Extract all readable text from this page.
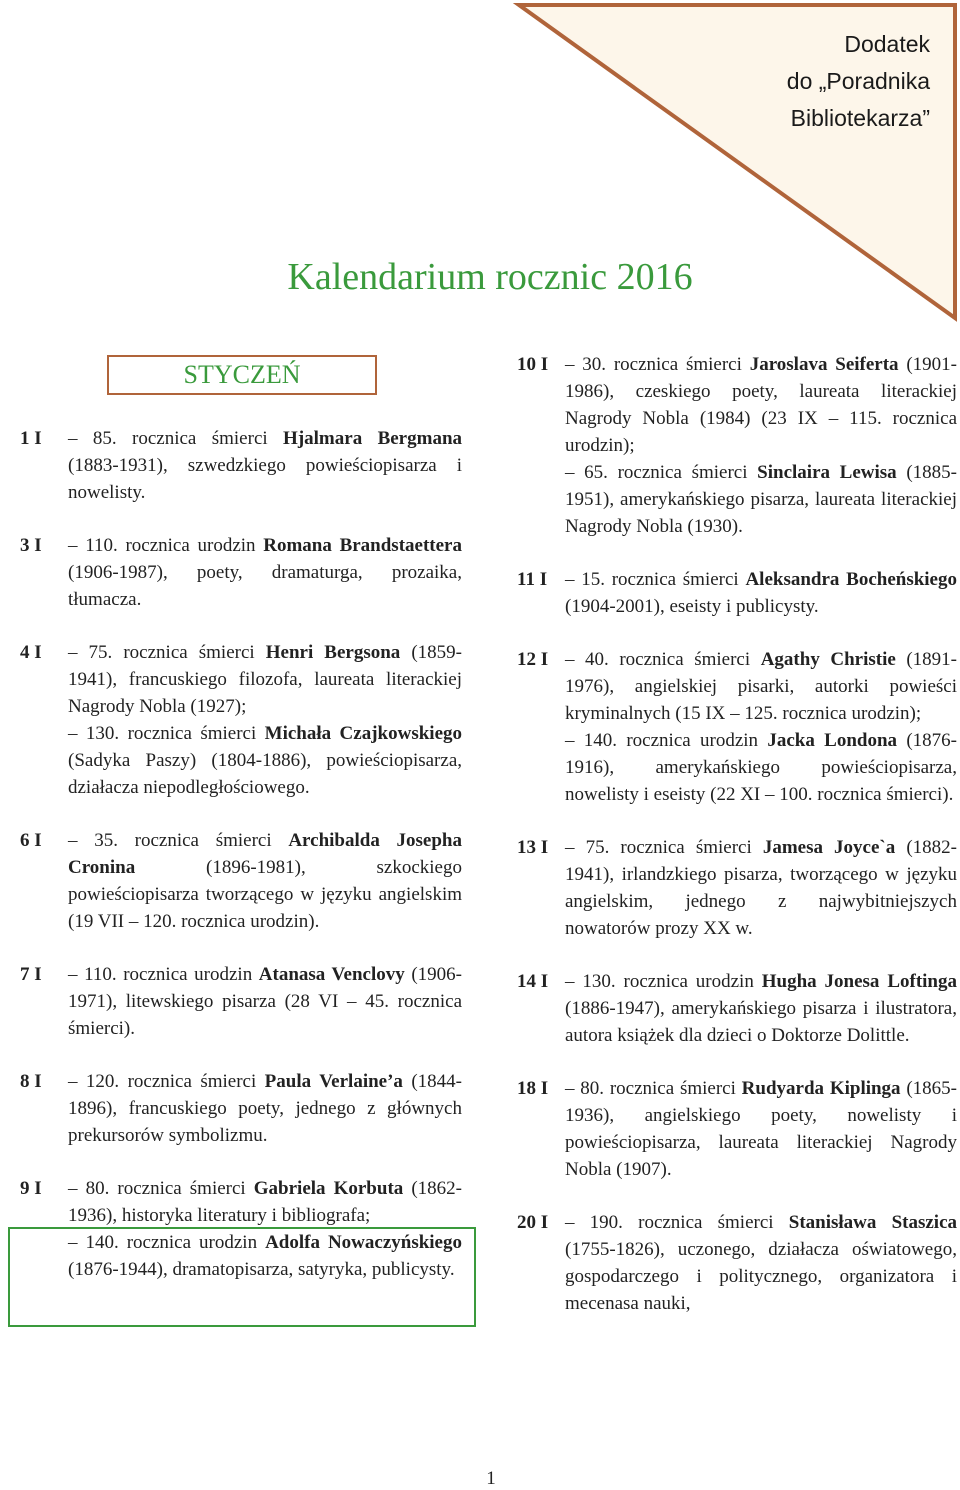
Dodatek
do „Poradnika
Bibliotekarza”
Kalendarium rocznic 2016
STYCZEŃ
1 I	– 85. rocznica śmierci Hjalmara Bergmana (1883-1931), szwedzkiego powieściopisarza i nowelisty.
3 I	– 110. rocznica urodzin Romana Brandstaettera (1906-1987), poety, dramaturga, prozaika, tłumacza.
4 I	– 75. rocznica śmierci Henri Bergsona (1859-1941), francuskiego filozofa, laureata literackiej Nagrody Nobla (1927);
– 130. rocznica śmierci Michała Czajkowskiego (Sadyka Paszy) (1804-1886), powieściopisarza, działacza niepodległościowego.
6 I	– 35. rocznica śmierci Archibalda Josepha Cronina (1896-1981), szkockiego powieściopisarza tworzącego w języku angielskim (19 VII – 120. rocznica urodzin).
7 I	– 110. rocznica urodzin Atanasa Venclovy (1906-1971), litewskiego pisarza (28 VI – 45. rocznica śmierci).
8 I	– 120. rocznica śmierci Paula Verlaine’a (1844-1896), francuskiego poety, jednego z głównych prekursorów symbolizmu.
9 I	– 80. rocznica śmierci Gabriela Korbuta (1862-1936), historyka literatury i bibliografa;
– 140. rocznica urodzin Adolfa Nowaczyńskiego (1876-1944), dramatopisarza, satyryka, publicysty.
10 I – 30. rocznica śmierci Jaroslava Seiferta (1901-1986), czeskiego poety, laureata literackiej Nagrody Nobla (1984) (23 IX – 115. rocznica urodzin);
– 65. rocznica śmierci Sinclaira Lewisa (1885-1951), amerykańskiego pisarza, laureata literackiej Nagrody Nobla (1930).
11 I – 15. rocznica śmierci Aleksandra Bocheńskiego (1904-2001), eseisty i publicysty.
12 I – 40. rocznica śmierci Agathy Christie (1891-1976), angielskiej pisarki, autorki powieści kryminalnych (15 IX – 125. rocznica urodzin);
– 140. rocznica urodzin Jacka Londona (1876-1916), amerykańskiego powieściopisarza, nowelisty i eseisty (22 XI – 100. rocznica śmierci).
13 I – 75. rocznica śmierci Jamesa Joyce`a (1882-1941), irlandzkiego pisarza, tworzącego w języku angielskim, jednego z najwybitniejszych nowatorów prozy XX w.
14 I – 130. rocznica urodzin Hugha Jonesa Loftinga (1886-1947), amerykańskiego pisarza i ilustratora, autora książek dla dzieci o Doktorze Dolittle.
18 I – 80. rocznica śmierci Rudyarda Kiplinga (1865-1936), angielskiego poety, nowelisty i powieściopisarza, laureata literackiej Nagrody Nobla (1907).
20 I – 190. rocznica śmierci Stanisława Staszica (1755-1826), uczonego, działacza oświatowego, gospodarczego i politycznego, organizatora i mecenasa nauki,
1
